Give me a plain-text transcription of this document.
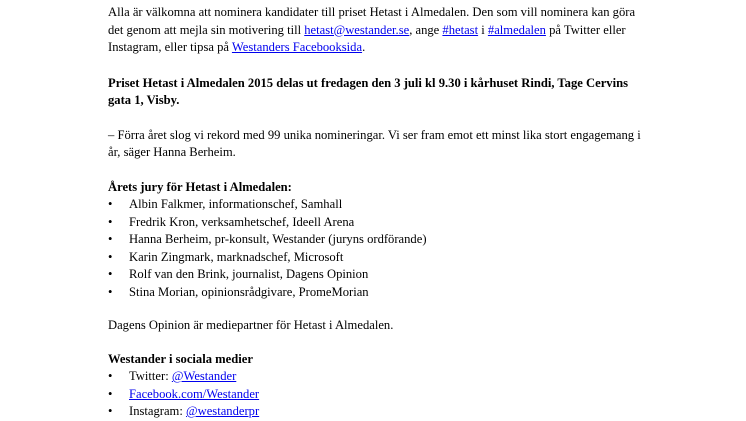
Alla är välkomna att nominera kandidater till priset Hetast i Almedalen. Den som vill nominera kan göra det genom att mejla sin motivering till hetast@westander.se, ange #hetast i #almedalen på Twitter eller Instagram, eller tipsa på Westanders Facebooksida.

Priset Hetast i Almedalen 2015 delas ut fredagen den 3 juli kl 9.30 i kårhuset Rindi, Tage Cervins gata 1, Visby.

– Förra året slog vi rekord med 99 unika nomineringar. Vi ser fram emot ett minst lika stort engagemang i år, säger Hanna Berheim.

Årets jury för Hetast i Almedalen:

• Albin Falkmer, informationschef, Samhall
• Fredrik Kron, verksamhetschef, Ideell Arena
• Hanna Berheim, pr-konsult, Westander (juryns ordförande)
• Karin Zingmark, marknadschef, Microsoft
• Rolf van den Brink, journalist, Dagens Opinion
• Stina Morian, opinionsrådgivare, PromeMorian

Dagens Opinion är mediepartner för Hetast i Almedalen.

Westander i sociala medier

• Twitter: @Westander
• Facebook.com/Westander
• Instagram: @westanderpr
